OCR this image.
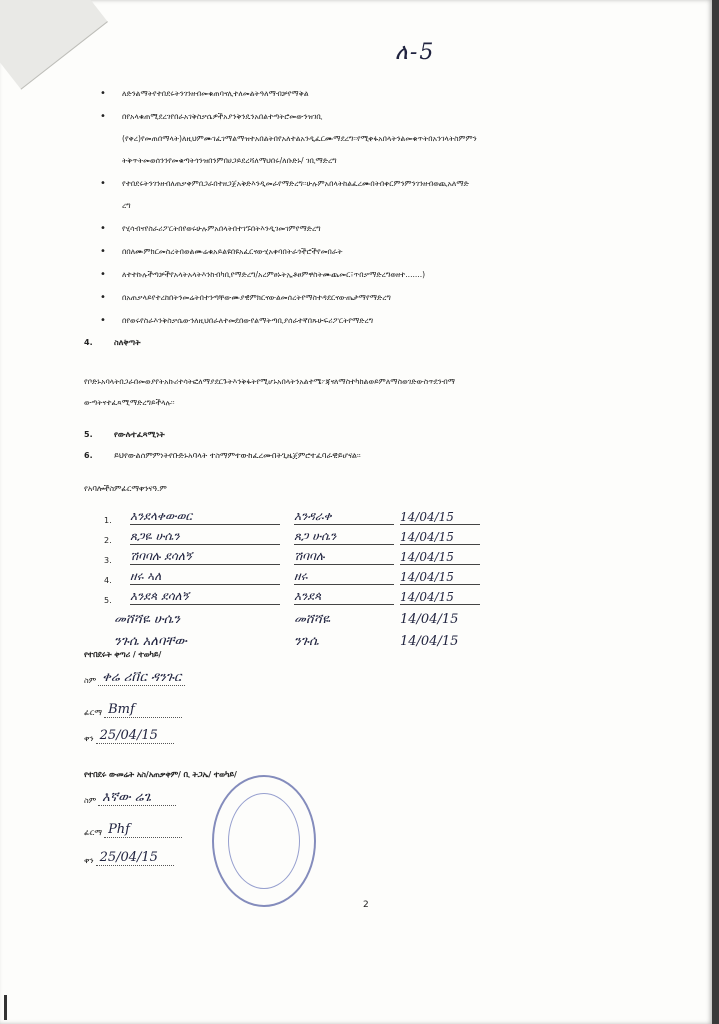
ለ-5
•	ለድንልማትየተበደሩትንገንዘብመቁጠባናሊተለመልትዓለማብቻየማቅል
•	በየአላቁጠሚደረገየበራአገቅስቃሴዎችአያንቅንዴንአበልተጣትሮመውንዝገቢ
(የቀረ)የመጠበማላት)ለዚህምሙገፈገማልማዝተአበልትበየአለተልአንዲፈርሙማደረግ፡፡የሚቀፋአበላትንልመቁጥትበአንገላትስምምን
ትቅጥትመወሰንንየመቁጣትጎንዝበንምበሀጋይደረሻለማህበሩ/ለቡድኑ/ ገቢማድረግ
•	የተበደሩትንገንዘብለጠቃቀምበጋራበተዘጋጀአቅድእንዲመራየማድረግ፡፡ሁሉምአበላትከልፈረሙበትበቀርምንምንገንዘብወጪአለማድ
ረግ
•	የሂሳብናየስራሪፖርትበየወሩሁሉምአበላትበተገኙበትእንዲገመገምየማድረግ
•	በበለሙምክርመስረትበወልሙሬቁአይልዩበዩአፈርናውሂአቀባበትራጎችሮችየመበራት
•	ለተተኩሉችጣቻችየአላትአላትእንከብካቢየማድረግ/አረምፀኑትኢቶፀምዋስትሙጨመር፣ጥበቃማድረግወዘተ.......)
•	በአጠቃላይየተረከበትንመሬትበተንጣቸውሙያዊምክርናውልመሰረትየማስተዳደርናውጤታማየማድረግ
•	በየወሩየስራእንቅስቃሴውንለዚህበራለተመደበውየልማትጣቢያሰራተኛበጹሁፍሪፖርትየማድረግ
4.	ስለቅጣት
የቦድኑአባላትበጋራበመወያየትአኩሪተሳትፎለማያደርጉትእንቅፋትየሚሆኑአበላትንአልተሜ፦ጃናለማስተካከልወይምለማስወገድውስጥደንብማ
ውጣትናተፈጻሚማድረግይችላሉ፡፡
5.	የውሉተፈጻሚነት
6.	ይህየውልሰምምነትየቡድኑአባላት ተስማምተውከፈረሙበትጊዜጀምሮተፈባራዊይሆናል፡፡
የአባሎችስምፊርማቀንናዓ.ም
1.	እንደላቀውወር	እንዳራቀ	14/04/15
2.	ጸጋዬ ሁሴን	ጸጋ ሁሴን	14/04/15
3.	ሽባባሉ ደሳለኝ	ሽባባሉ	14/04/15
4.	ዘሩ ኣለ	ዘሩ	14/04/15
5.	እንደጳ ደሳለኝ	እንደጳ	14/04/15
መሸሻዬ ሁሴን	መሸሻዬ	14/04/15
ንጉሴ አለባቸው	ንጉሴ	14/04/15
የተበደሩት ቀጣሪ / ተወካይ/
ስም ቀሬ ሪቨር ዳንጉር
ፊርማ Bmf
ቀን 25/04/15
የተበደሩ ውመሬት አስ/አጠቃቀም/ ቢ ትጋኤ/ ተወካይ/
ስም እኛው ሬጌ
ፊርማ Phf
ቀን 25/04/15
2
